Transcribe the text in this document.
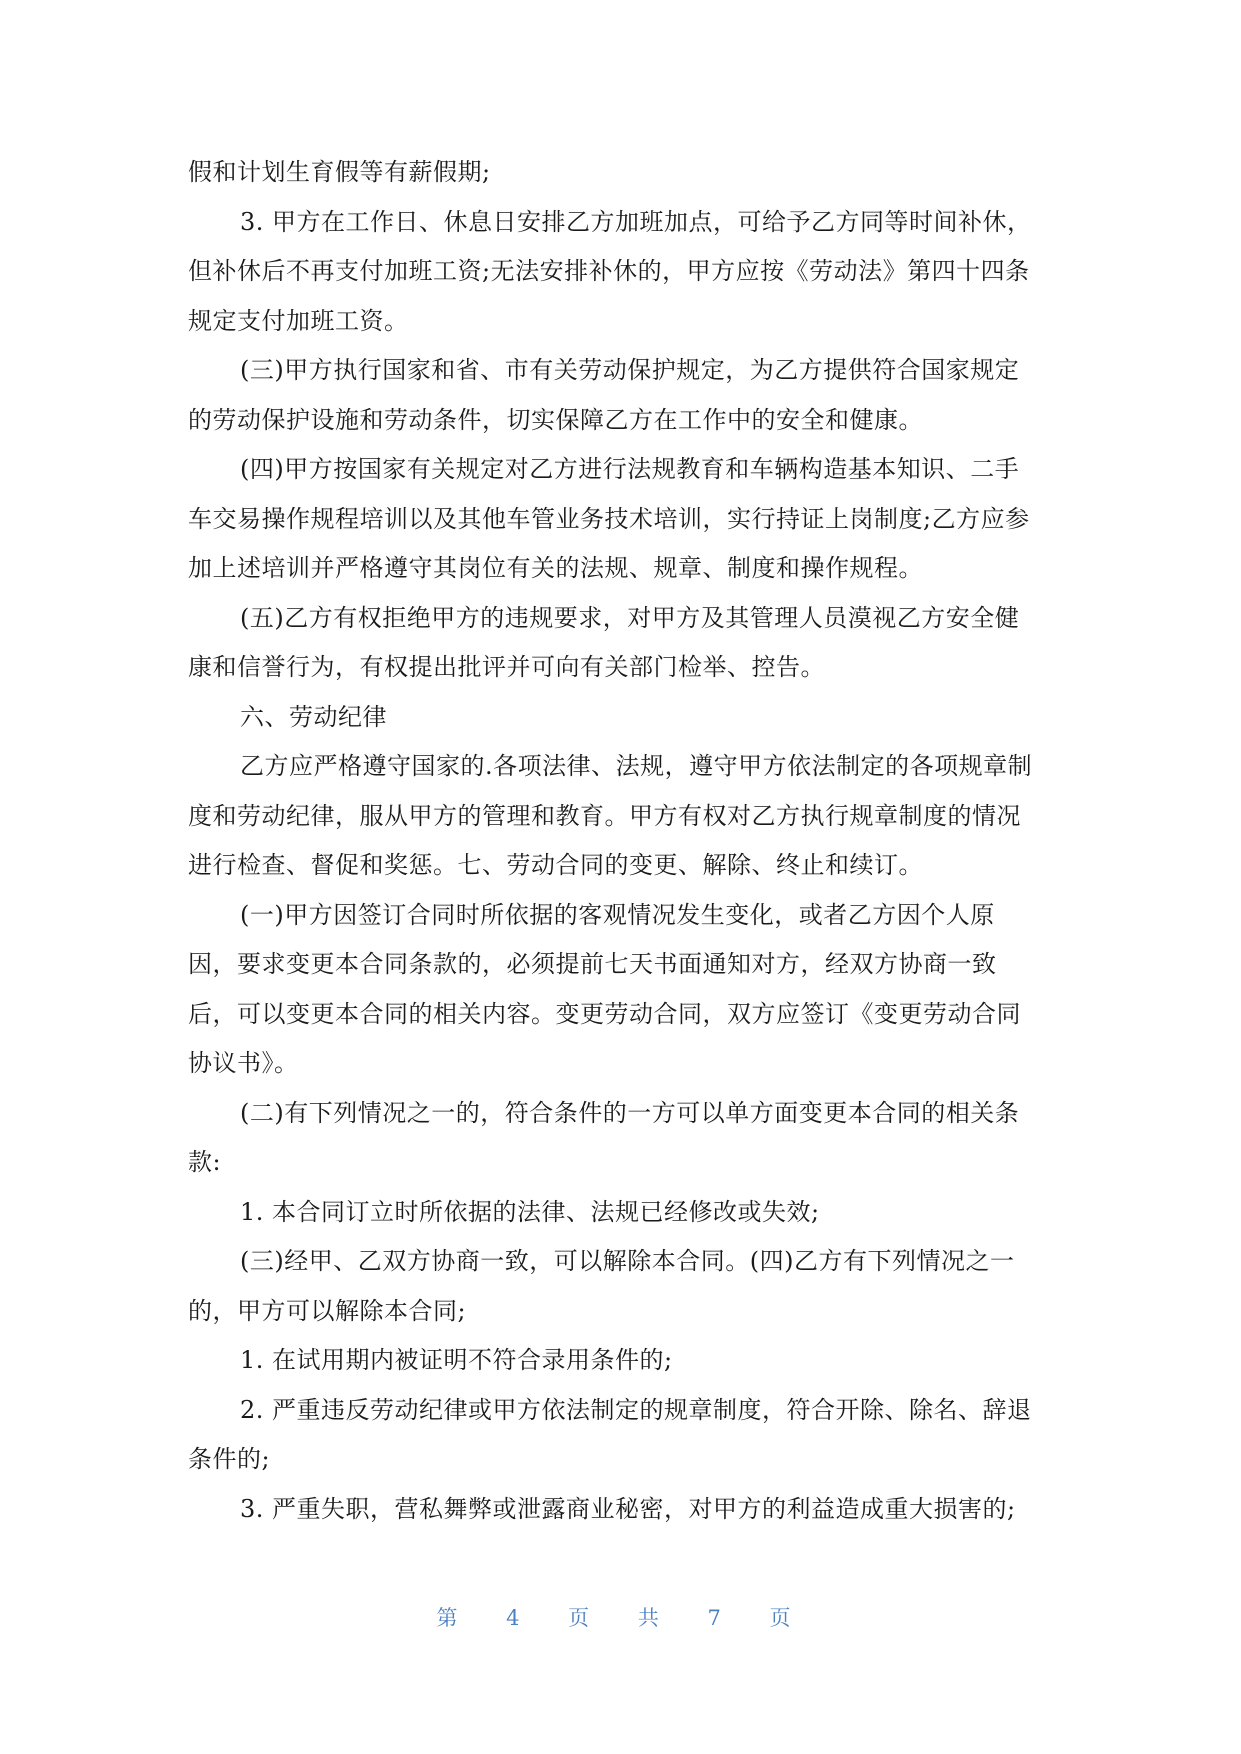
假和计划生育假等有薪假期;

3. 甲方在工作日、休息日安排乙方加班加点，可给予乙方同等时间补休，
但补休后不再支付加班工资;无法安排补休的，甲方应按《劳动法》第四十四条
规定支付加班工资。

(三)甲方执行国家和省、市有关劳动保护规定，为乙方提供符合国家规定
的劳动保护设施和劳动条件，切实保障乙方在工作中的安全和健康。

(四)甲方按国家有关规定对乙方进行法规教育和车辆构造基本知识、二手
车交易操作规程培训以及其他车管业务技术培训，实行持证上岗制度;乙方应参
加上述培训并严格遵守其岗位有关的法规、规章、制度和操作规程。

(五)乙方有权拒绝甲方的违规要求，对甲方及其管理人员漠视乙方安全健
康和信誉行为，有权提出批评并可向有关部门检举、控告。

六、劳动纪律

乙方应严格遵守国家的.各项法律、法规，遵守甲方依法制定的各项规章制
度和劳动纪律，服从甲方的管理和教育。甲方有权对乙方执行规章制度的情况
进行检查、督促和奖惩。七、劳动合同的变更、解除、终止和续订。

(一)甲方因签订合同时所依据的客观情况发生变化，或者乙方因个人原
因，要求变更本合同条款的，必须提前七天书面通知对方，经双方协商一致
后，可以变更本合同的相关内容。变更劳动合同，双方应签订《变更劳动合同
协议书》。

(二)有下列情况之一的，符合条件的一方可以单方面变更本合同的相关条
款:

1. 本合同订立时所依据的法律、法规已经修改或失效;

(三)经甲、乙双方协商一致，可以解除本合同。(四)乙方有下列情况之一
的，甲方可以解除本合同;

1. 在试用期内被证明不符合录用条件的;

2. 严重违反劳动纪律或甲方依法制定的规章制度，符合开除、除名、辞退
条件的;

3. 严重失职，营私舞弊或泄露商业秘密，对甲方的利益造成重大损害的;

第 4 页 共 7 页
